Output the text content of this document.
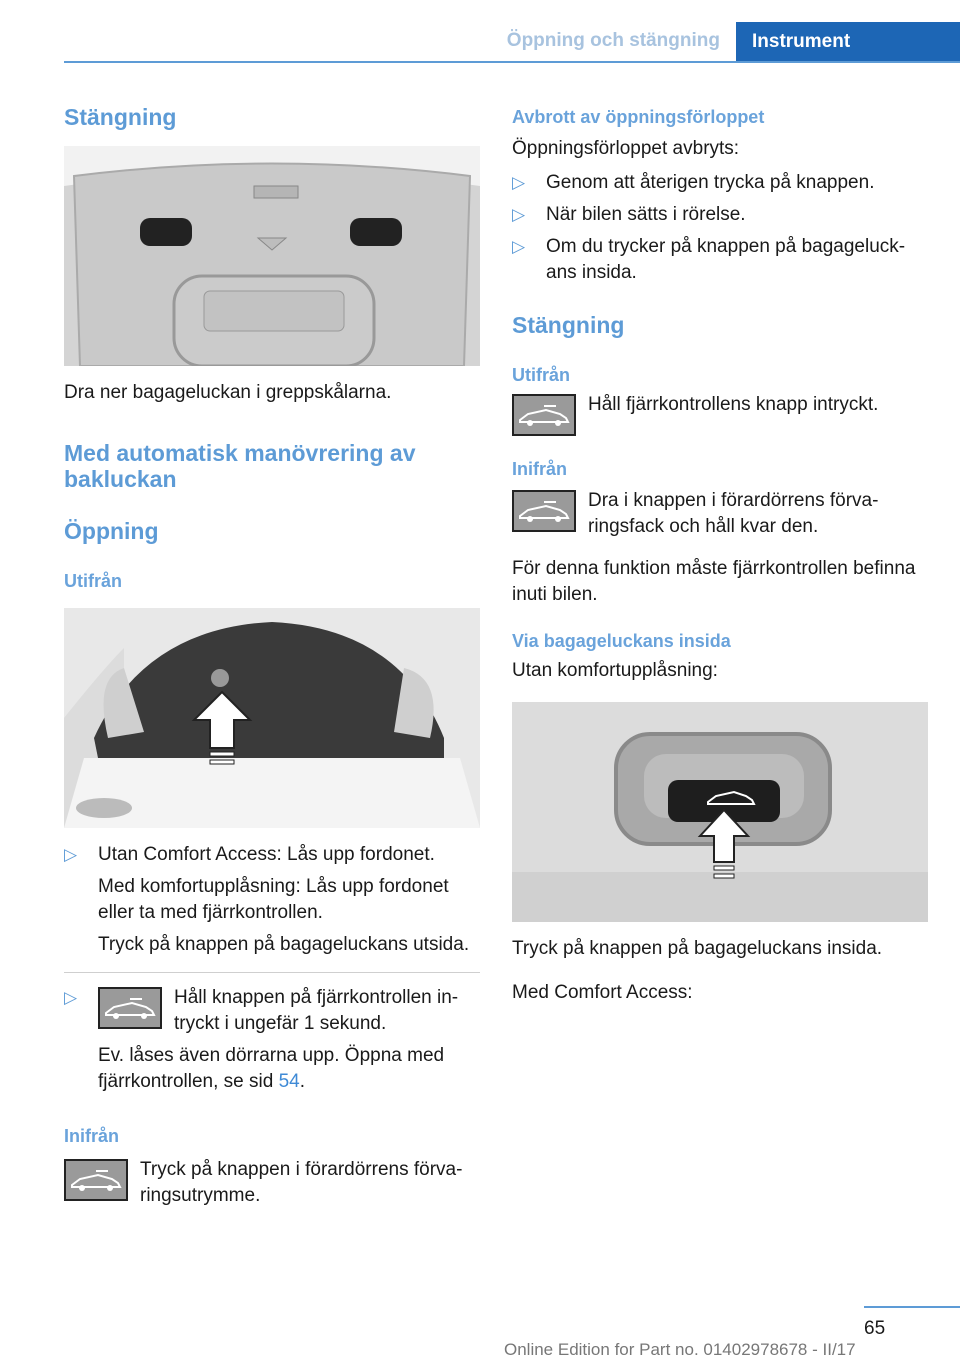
Öppning och stängning	Instrument
Stängning
Dra ner bagageluckan i greppskålarna.
Med automatisk manövrering av bakluckan
Öppning
Utifrån
▷ Utan Comfort Access: Lås upp fordonet.
Med komfortupplåsning: Lås upp fordonet eller ta med fjärrkontrollen.
Tryck på knappen på bagageluckans utsida.
▷	Håll knappen på fjärrkontrollen intryckt i ungefär 1 sekund.
Ev. låses även dörrarna upp. Öppna med fjärrkontrollen, se sid 54.
Inifrån
Tryck på knappen i förardörrens förvaringsutrymme.
Avbrott av öppningsförloppet
Öppningsförloppet avbryts:
▷ Genom att återigen trycka på knappen.
▷ När bilen sätts i rörelse.
▷ Om du trycker på knappen på bagageluckans insida.
Stängning
Utifrån
Håll fjärrkontrollens knapp intryckt.
Inifrån
Dra i knappen i förardörrens förvaringsfack och håll kvar den.
För denna funktion måste fjärrkontrollen befinna inuti bilen.
Via bagageluckans insida
Utan komfortupplåsning:
Tryck på knappen på bagageluckans insida.
Med Comfort Access:
65
Online Edition for Part no. 01402978678 - II/17
